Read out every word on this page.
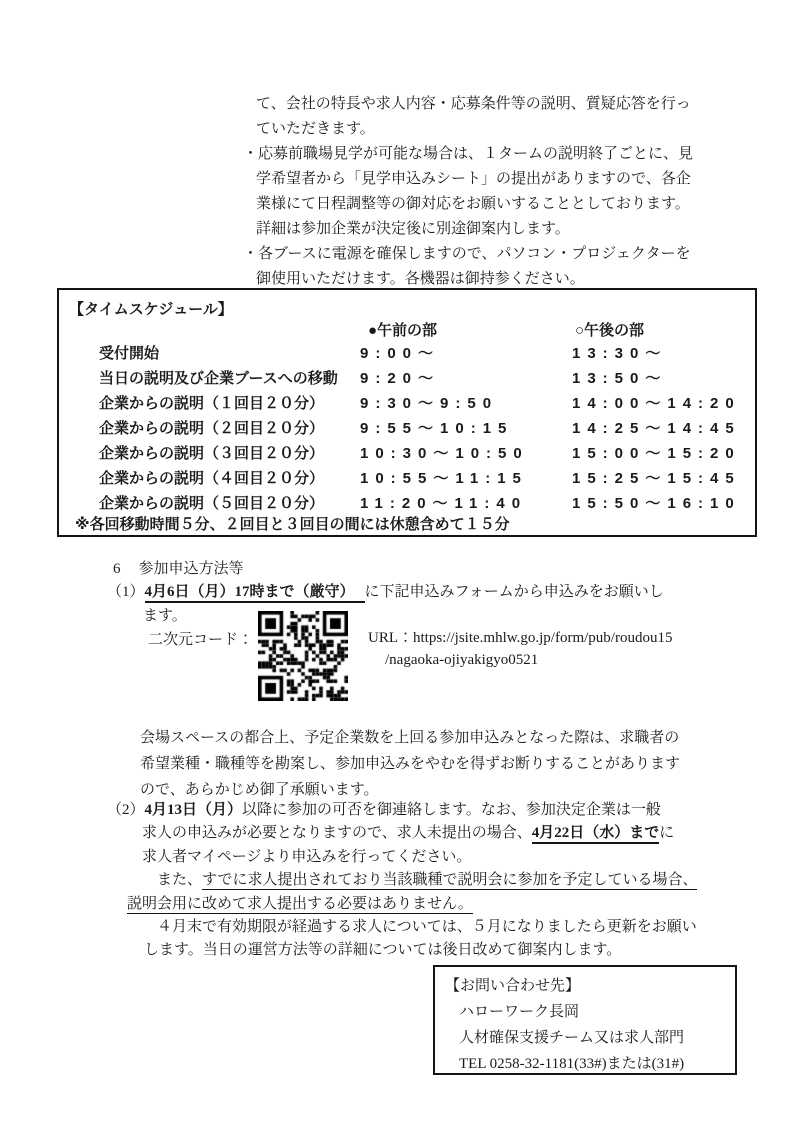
て、会社の特長や求人内容・応募条件等の説明、質疑応答を行っ
ていただきます。
・応募前職場見学が可能な場合は、１タームの説明終了ごとに、見
学希望者から「見学申込みシート」の提出がありますので、各企
業様にて日程調整等の御対応をお願いすることとしております。
詳細は参加企業が決定後に別途御案内します。
・各ブースに電源を確保しますので、パソコン・プロジェクターを
御使用いただけます。各機器は御持参ください。
【タイムスケジュール】
●午前の部	○午後の部
受付開始	9:00～	13:30～
当日の説明及び企業ブースへの移動 9:20～	13:50～
企業からの説明（１回目２０分） 9:30～9:50	14:00～14:20
企業からの説明（２回目２０分） 9:55～10:15	14:25～14:45
企業からの説明（３回目２０分） 10:30～10:50	15:00～15:20
企業からの説明（４回目２０分） 10:55～11:15	15:25～15:45
企業からの説明（５回目２０分） 11:20～11:40	15:50～16:10
※各回移動時間５分、２回目と３回目の間には休憩含めて１５分
6 参加申込方法等
（1）4月6日（月）17時まで（厳守） に下記申込みフォームから申込みをお願いし
ます。
二次元コード：	URL：https://jsite.mhlw.go.jp/form/pub/roudou15
/nagaoka-ojiyakigyo0521
会場スペースの都合上、予定企業数を上回る参加申込みとなった際は、求職者の
希望業種・職種等を勘案し、参加申込みをやむを得ずお断りすることがあります
ので、あらかじめ御了承願います。
（2）4月13日（月）以降に参加の可否を御連絡します。なお、参加決定企業は一般
求人の申込みが必要となりますので、求人未提出の場合、4月22日（水）までに
求人者マイページより申込みを行ってください。
　また、すでに求人提出されており当該職種で説明会に参加を予定している場合、
説明会用に改めて求人提出する必要はありません。
　４月末で有効期限が経過する求人については、５月になりましたら更新をお願い
します。当日の運営方法等の詳細については後日改めて御案内します。
【お問い合わせ先】
ハローワーク長岡
人材確保支援チーム又は求人部門
TEL 0258-32-1181(33#)または(31#)
